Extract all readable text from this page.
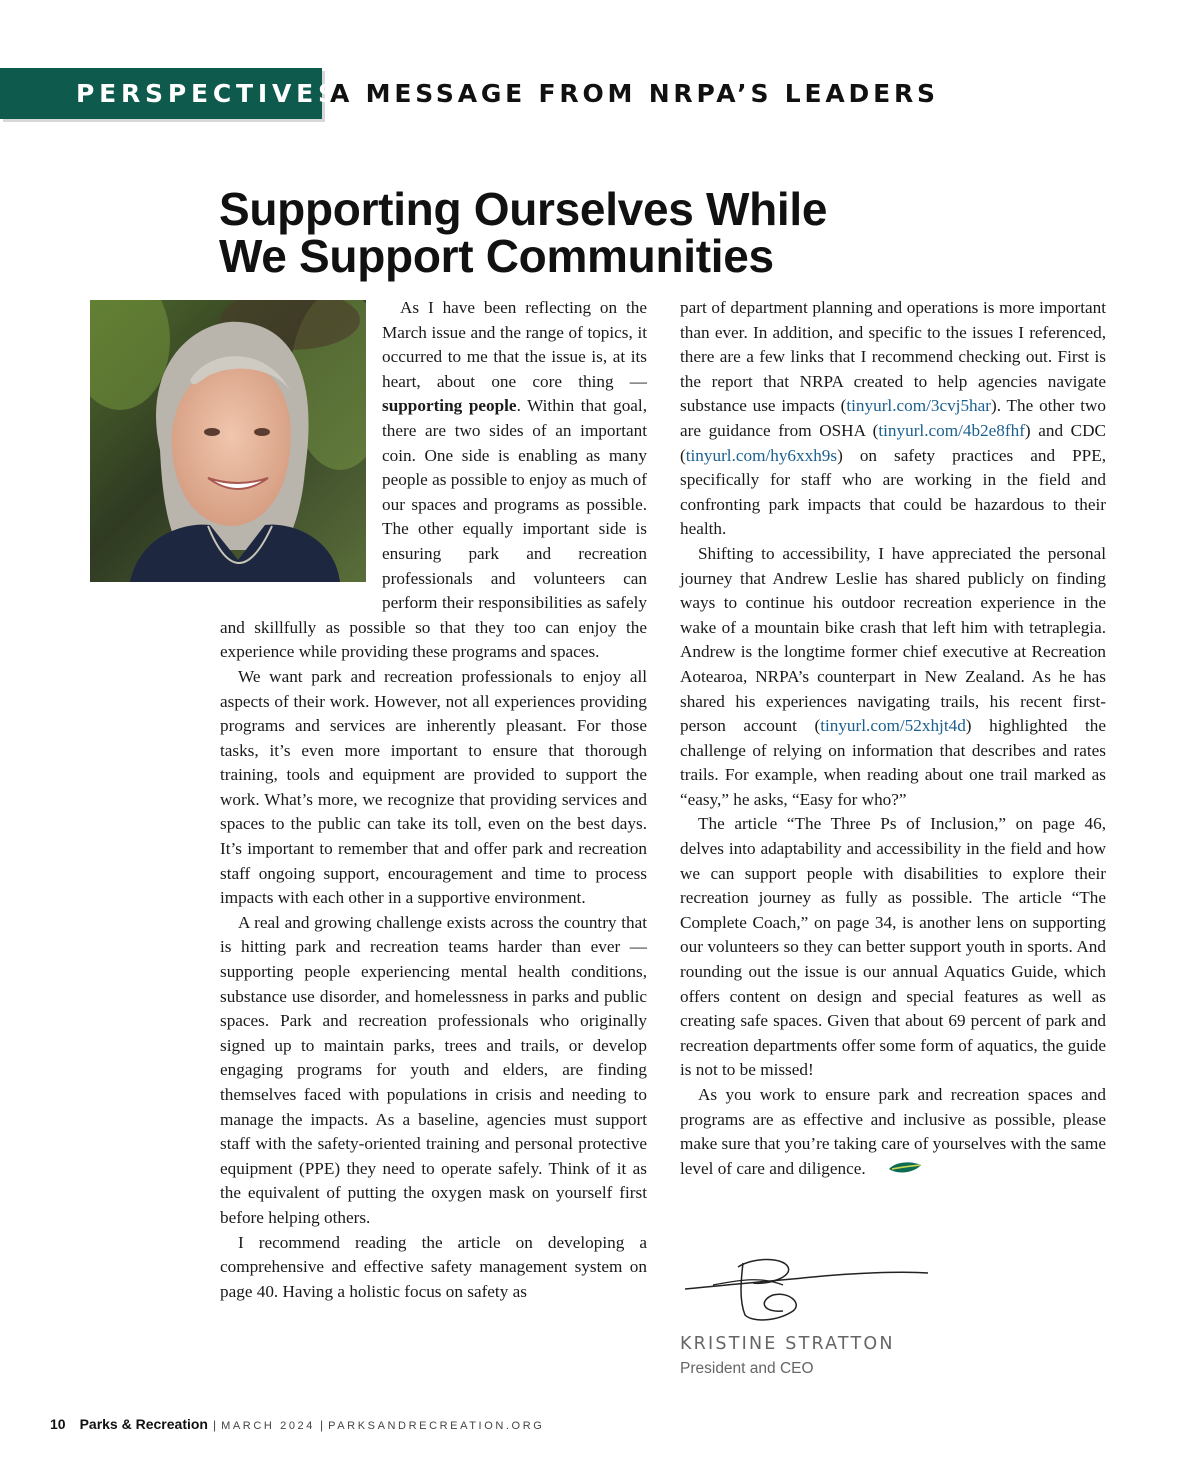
PERSPECTIVES
A MESSAGE FROM NRPA’S LEADERS
Supporting Ourselves While
We Support Communities

As I have been reflecting on the March issue and the range of topics, it occurred to me that the issue is, at its heart, about one core thing — supporting people. Within that goal, there are two sides of an important coin. One side is enabling as many people as possible to enjoy as much of our spaces and programs as possible. The other equally important side is ensuring park and recreation professionals and volunteers can perform their responsibilities as safely and skillfully as possible so that they too can enjoy the experience while providing these programs and spaces.

We want park and recreation professionals to enjoy all aspects of their work. However, not all experiences providing programs and services are inherently pleasant. For those tasks, it’s even more important to ensure that thorough training, tools and equipment are provided to support the work. What’s more, we recognize that providing services and spaces to the public can take its toll, even on the best days. It’s important to remember that and offer park and recreation staff ongoing support, encouragement and time to process impacts with each other in a supportive environment.

A real and growing challenge exists across the country that is hitting park and recreation teams harder than ever — supporting people experiencing mental health conditions, substance use disorder, and homelessness in parks and public spaces. Park and recreation professionals who originally signed up to maintain parks, trees and trails, or develop engaging programs for youth and elders, are finding themselves faced with populations in crisis and needing to manage the impacts. As a baseline, agencies must support staff with the safety-oriented training and personal protective equipment (PPE) they need to operate safely. Think of it as the equivalent of putting the oxygen mask on yourself first before helping others.

I recommend reading the article on developing a comprehensive and effective safety management system on page 40. Having a holistic focus on safety as

part of department planning and operations is more important than ever. In addition, and specific to the issues I referenced, there are a few links that I recommend checking out. First is the report that NRPA created to help agencies navigate substance use impacts (tinyurl.com/3cvj5har). The other two are guidance from OSHA (tinyurl.com/4b2e8fhf) and CDC (tinyurl.com/hy6xxh9s) on safety practices and PPE, specifically for staff who are working in the field and confronting park impacts that could be hazardous to their health.

Shifting to accessibility, I have appreciated the personal journey that Andrew Leslie has shared publicly on finding ways to continue his outdoor recreation experience in the wake of a mountain bike crash that left him with tetraplegia. Andrew is the longtime former chief executive at Recreation Aotearoa, NRPA’s counterpart in New Zealand. As he has shared his experiences navigating trails, his recent first-person account (tinyurl.com/52xhjt4d) highlighted the challenge of relying on information that describes and rates trails. For example, when reading about one trail marked as “easy,” he asks, “Easy for who?”

The article “The Three Ps of Inclusion,” on page 46, delves into adaptability and accessibility in the field and how we can support people with disabilities to explore their recreation journey as fully as possible. The article “The Complete Coach,” on page 34, is another lens on supporting our volunteers so they can better support youth in sports. And rounding out the issue is our annual Aquatics Guide, which offers content on design and special features as well as creating safe spaces. Given that about 69 percent of park and recreation departments offer some form of aquatics, the guide is not to be missed!

As you work to ensure park and recreation spaces and programs are as effective and inclusive as possible, please make sure that you’re taking care of yourselves with the same level of care and diligence.

KRISTINE STRATTON
President and CEO
10 Parks & Recreation | MARCH 2024 | PARKSANDRECREATION.ORG
